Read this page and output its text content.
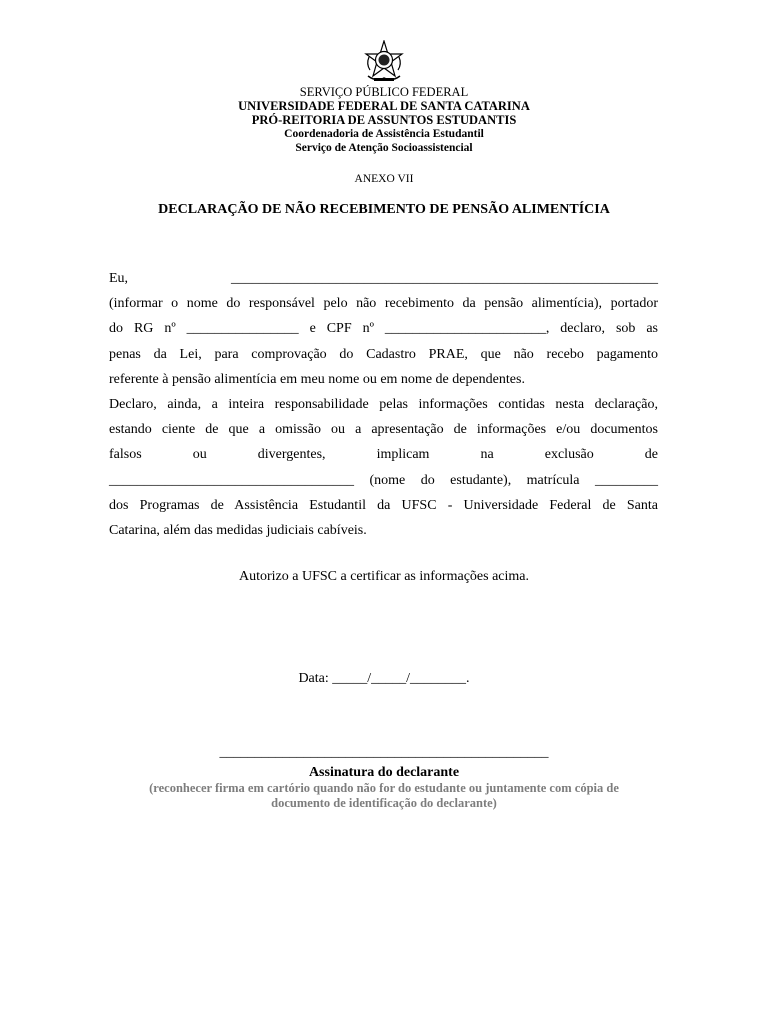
SERVIÇO PÚBLICO FEDERAL
UNIVERSIDADE FEDERAL DE SANTA CATARINA
PRÓ-REITORIA DE ASSUNTOS ESTUDANTIS
Coordenadoria de Assistência Estudantil
Serviço de Atenção Socioassistencial
ANEXO VII
DECLARAÇÃO DE NÃO RECEBIMENTO DE PENSÃO ALIMENTÍCIA
Eu,	_____________________________________________________________

(informar o nome do responsável pelo não recebimento da pensão alimentícia), portador

do RG nº ________________ e CPF nº _______________________, declaro, sob as

penas da Lei, para comprovação do Cadastro PRAE, que não recebo pagamento

referente à pensão alimentícia em meu nome ou em nome de dependentes.

Declaro, ainda, a inteira responsabilidade pelas informações contidas nesta declaração,

estando ciente de que a omissão ou a apresentação de informações e/ou documentos

falsos ou divergentes, implicam na exclusão de

___________________________________ (nome do estudante), matrícula _________

dos Programas de Assistência Estudantil da UFSC - Universidade Federal de Santa

Catarina, além das medidas judiciais cabíveis.

Autorizo a UFSC a certificar as informações acima.
Data: _____/_____/________.
_______________________________________________
Assinatura do declarante
(reconhecer firma em cartório quando não for do estudante ou juntamente com cópia de
documento de identificação do declarante)
